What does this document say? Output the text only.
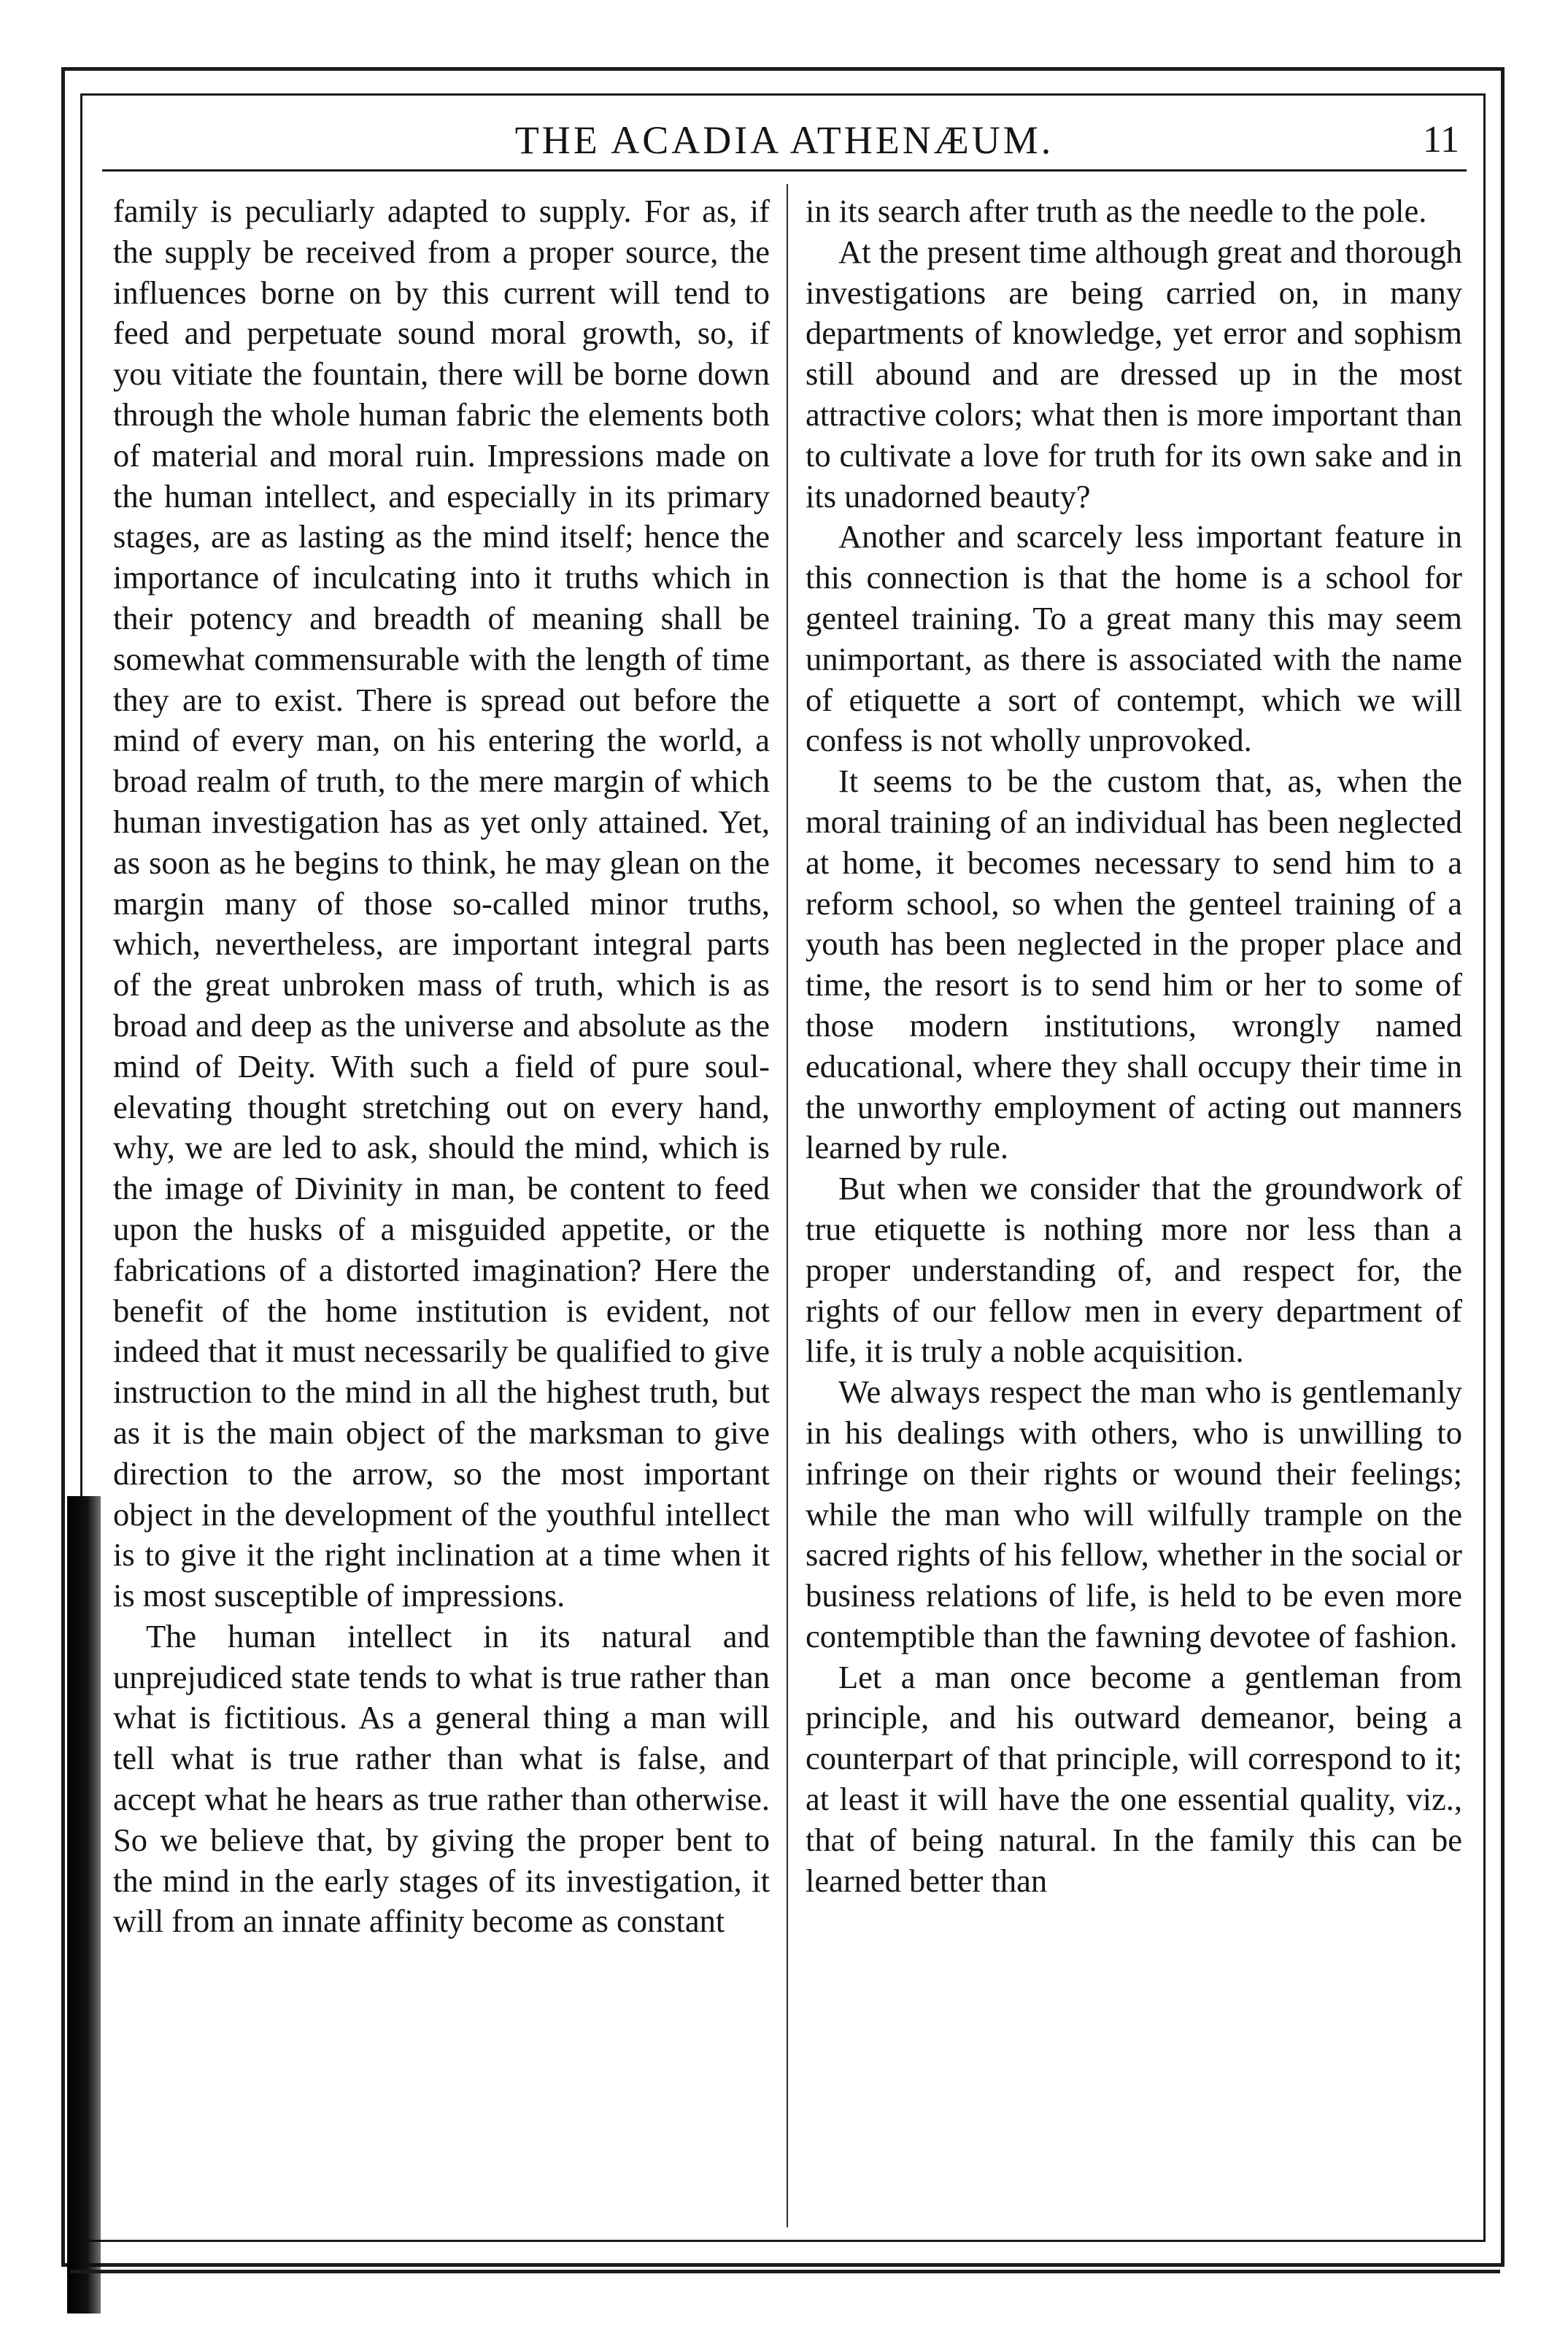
THE ACADIA ATHENÆUM.	11

family is peculiarly adapted to supply. For as, if the supply be received from a proper source, the influences borne on by this current will tend to feed and perpetuate sound moral growth, so, if you vitiate the fountain, there will be borne down through the whole human fabric the elements both of material and moral ruin. Impressions made on the human intellect, and especially in its primary stages, are as lasting as the mind itself; hence the importance of inculcating into it truths which in their potency and breadth of meaning shall be somewhat commensurable with the length of time they are to exist. There is spread out before the mind of every man, on his entering the world, a broad realm of truth, to the mere margin of which human investigation has as yet only attained. Yet, as soon as he begins to think, he may glean on the margin many of those so-called minor truths, which, nevertheless, are important integral parts of the great unbroken mass of truth, which is as broad and deep as the universe and absolute as the mind of Deity. With such a field of pure soul-elevating thought stretching out on every hand, why, we are led to ask, should the mind, which is the image of Divinity in man, be content to feed upon the husks of a misguided appetite, or the fabrications of a distorted imagination? Here the benefit of the home institution is evident, not indeed that it must necessarily be qualified to give instruction to the mind in all the highest truth, but as it is the main object of the marksman to give direction to the arrow, so the most important object in the development of the youthful intellect is to give it the right inclination at a time when it is most susceptible of impressions.

The human intellect in its natural and unprejudiced state tends to what is true rather than what is fictitious. As a general thing a man will tell what is true rather than what is false, and accept what he hears as true rather than otherwise. So we believe that, by giving the proper bent to the mind in the early stages of its investigation, it will from an innate affinity become as constant

in its search after truth as the needle to the pole.

At the present time although great and thorough investigations are being carried on, in many departments of knowledge, yet error and sophism still abound and are dressed up in the most attractive colors; what then is more important than to cultivate a love for truth for its own sake and in its unadorned beauty?

Another and scarcely less important feature in this connection is that the home is a school for genteel training. To a great many this may seem unimportant, as there is associated with the name of etiquette a sort of contempt, which we will confess is not wholly unprovoked.

It seems to be the custom that, as, when the moral training of an individual has been neglected at home, it becomes necessary to send him to a reform school, so when the genteel training of a youth has been neglected in the proper place and time, the resort is to send him or her to some of those modern institutions, wrongly named educational, where they shall occupy their time in the unworthy employment of acting out manners learned by rule.

But when we consider that the groundwork of true etiquette is nothing more nor less than a proper understanding of, and respect for, the rights of our fellow men in every department of life, it is truly a noble acquisition.

We always respect the man who is gentlemanly in his dealings with others, who is unwilling to infringe on their rights or wound their feelings; while the man who will wilfully trample on the sacred rights of his fellow, whether in the social or business relations of life, is held to be even more contemptible than the fawning devotee of fashion.

Let a man once become a gentleman from principle, and his outward demeanor, being a counterpart of that principle, will correspond to it; at least it will have the one essential quality, viz., that of being natural. In the family this can be learned better than
